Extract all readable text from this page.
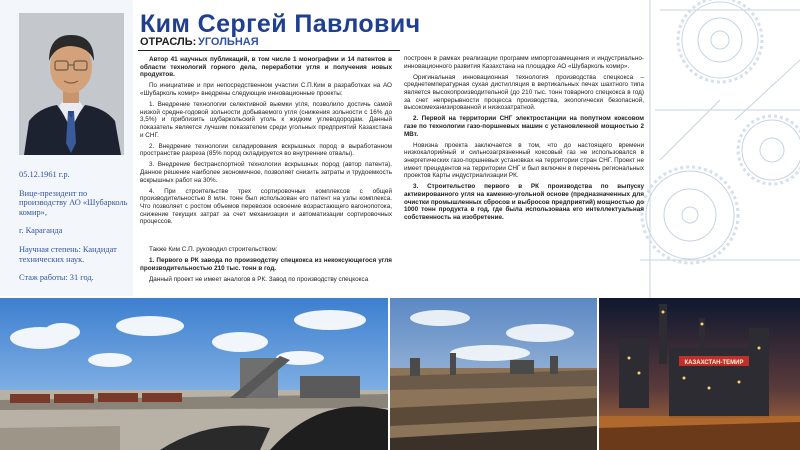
05.12.1961 г.р.
Вице-президент по производству АО «Шубарколь комир»,
г. Караганда
Научная степень: Кандидат технических наук.
Стаж работы: 31 год.
Ким Сергей Павлович
ОТРАСЛЬ: УГОЛЬНАЯ

Автор 41 научных публикаций, в том числе 1 монографии и 14 патентов в области технологий горного дела, переработки угля и получения новых продуктов.

По инициативе и при непосредственном участии С.П.Ким в разработках на АО «Шубарколь комир» внедрены следующие инновационные проекты:

1. Внедрение технологии селективной выемки угля, позволило достичь самой низкой средне-годовой зольности добываемого угля (снижения зольности с 16% до 3,5%) и приблизить шубаркольский уголь к жидким углеводородам. Данный показатель является лучшим показателем среди угольных предприятий Казахстана и СНГ.

2. Внедрение технологии складирования вскрышных пород в выработанном пространстве разреза (85% пород складируется во внутренние отвалы).

3. Внедрение бестранспортной технологии вскрышных пород (автор патента). Данное решение наиболее экономичное, позволяет снизить затраты и трудоемкость вскрышных работ на 30%.

4. При строительстве трех сортировочных комплексов с общей производительностью 8 млн. тонн был использован его патент на узлы комплекса. Что позволяет с ростом объемов перевозок освоение возрастающего вагонопотока, снижение текущих затрат за счет механизации и автоматизации сортировочных процессов.

Также Ким С.П. руководил строительством:

1. Первого в РК завода по производству спецкокса из некоксующегося угля производительностью 210 тыс. тонн в год.

Данный проект не имеет аналогов в РК. Завод по производству спецкокса

построен в рамках реализации программ импортозамещения и индустриально-инновационного развития Казахстана на площадке АО «Шубарколь комир».

Оригинальная инновационная технология производства спецкокса – среднетемпературная сухая дистилляция в вертикальных печах шахтного типа является высокопроизводительной (до 210 тыс. тонн товарного спецкокса в год) за счет непрерывности процесса производства, экологически безопасной, высокомеханизированной и низкозатратной.

2. Первой на территории СНГ электростанции на попутном коксовом газе по технологии газо-поршневых машин с установленной мощностью 2 МВт.

Новизна проекта заключается в том, что до настоящего времени низкокалорийный и сильнозагрязненный коксовый газ не использовался в энергетических газо-поршневых установках на территории стран СНГ. Проект не имеет прецедентов на территории СНГ и был включен в перечень региональных проектов Карты индустриализации РК.

3. Строительство первого в РК производства по выпуску активированного угля на каменно-угольной основе (предназначенных для очистки промышленных сбросов и выбросов предприятий) мощностью до 1000 тонн продукта в год, где была использована его интеллектуальная собственность на изобретение.

КАЗАХСТАН-ТЕМИР
